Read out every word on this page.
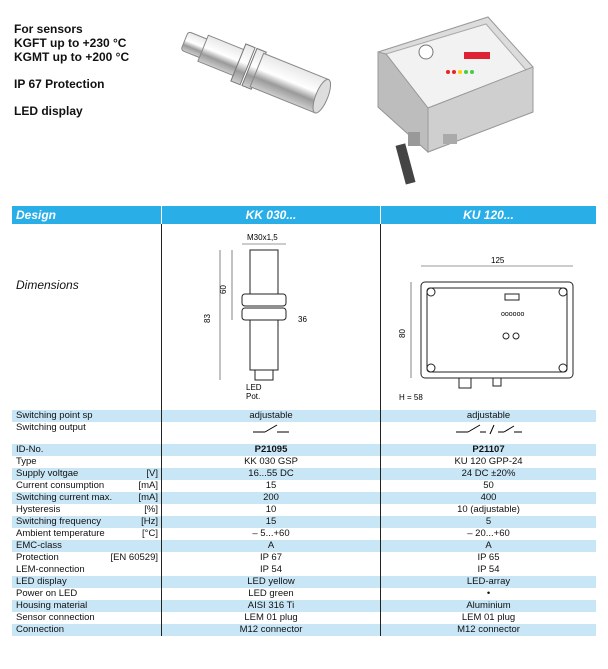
For sensors
KGFT up to +230 °C
KGMT up to +200 °C
IP 67 Protection
LED display
Design	KK 030...	KU 120...
Dimensions
M30x1,5
83
60
36
LED
Pot.
125
oooooo
80
H = 58
Switching point sp	adjustable	adjustable
Switching output
ID-No.	P21095	P21107
Type	KK 030 GSP	KU 120 GPP-24
Supply voltgae	[V]	16...55 DC	24 DC ±20%
Current consumption	[mA]	15	50
Switching current max.	[mA]	200	400
Hysteresis	[%]	10	10 (adjustable)
Switching frequency	[Hz]	15	5
Ambient temperature	[°C]	– 5...+60	– 20...+60
EMC-class	A	A
Protection	[EN 60529]	IP 67	IP 65
LEM-connection	IP 54	IP 54
LED display	LED yellow	LED-array
Power on LED	LED green	•
Housing material	AISI 316 Ti	Aluminium
Sensor connection	LEM 01 plug	LEM 01 plug
Connection	M12 connector	M12 connector
